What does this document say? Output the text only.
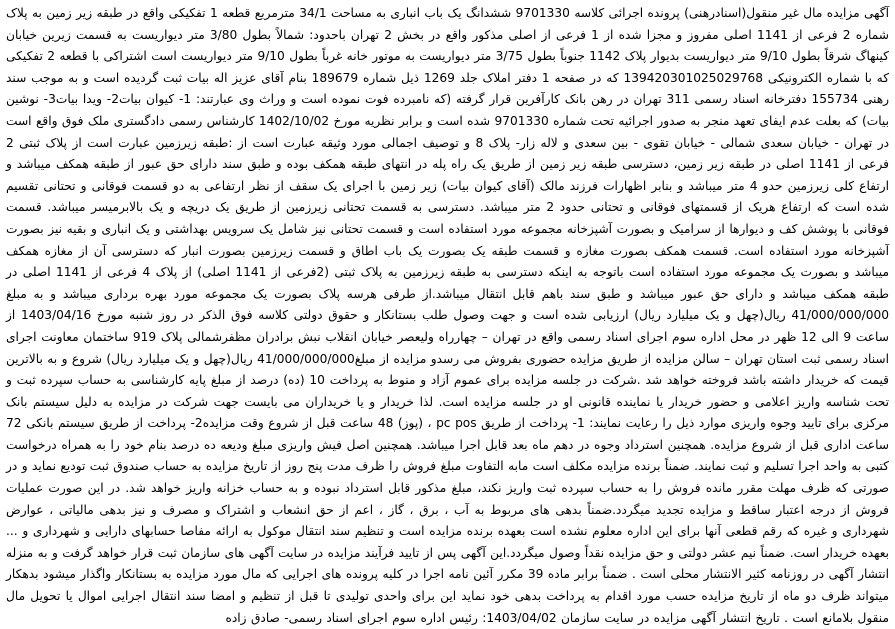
آگهی مزایده مال غیر منقول(اسنادرهنی) پرونده اجرائی کلاسه 9701330 ششدانگ یک باب انباری به مساحت 34/1 مترمربع قطعه 1 تفکیکی واقع در طبقه زیر زمین به پلاک شماره 2 فرعی از 1141 اصلی مفروز و مجزا شده از 1 فرعی از اصلی مذکور واقع در بخش 2 تهران باحدود: شمالاً بطول 3/80 متر دیواریست به قسمت زیرین خیابان کینهاگ شرقاً بطول 9/10 متر دیواریست بدیوار پلاک 1142 جنوباً بطول 3/75 متر دیواریست به موتور خانه غرباً بطول 9/10 متر دیواریست است اشتراکی با قطعه 2 تفکیکی که با شماره الکترونیکی 139420301025029768 که در صفحه 1 دفتر املاک جلد 1269 ذیل شماره 189679 بنام آقای عزیز اله بیات ثبت گردیده است و به موجب سند رهنی 155734 دفترخانه اسناد رسمی 311 تهران در رهن بانک کارآفرین قرار گرفته (که نامبرده فوت نموده است و وراث وی عبارتند: 1- کیوان بیات2- ویدا بیات3- نوشین بیات) که بعلت عدم ایفای تعهد منجر به صدور اجرائیه تحت شماره 9701330 شده است و برابر نظریه مورخ 1402/10/02 کارشناس رسمی دادگستری ملک فوق واقع است در تهران - خیابان سعدی شمالی - خیابان تقوی - بین سعدی و لاله زار- پلاک 8 و توصیف اجمالی مورد وثیقه عبارت است از :طبقه زیرزمین عبارت است از پلاک ثبتی 2 فرعی از 1141 اصلی در طبقه زیر زمین، دسترسی طبقه زیر زمین از طریق یک راه پله در انتهای طبقه همکف بوده و طبق سند دارای حق عبور از طبقه همکف میباشد و ارتفاع کلی زیرزمین حدو 4 متر میباشد و بنابر اظهارات فرزند مالک (آقای کیوان بیات) زیر زمین با اجرای یک سقف از نظر ارتفاعی به دو قسمت فوقانی و تحتانی تقسیم شده است که ارتفاع هریک از قسمتهای فوقانی و تحتانی حدود 2 متر میباشد. دسترسی به قسمت تحتانی زیرزمین از طریق یک دریچه و یک بالابرمیسر میباشد. قسمت فوقانی با پوشش کف و دیوارها از سرامیک و بصورت آشپزخانه مجموعه مورد استفاده است و قسمت تحتانی نیز شامل یک سرویس بهداشتی و یک انباری و بقیه نیز بصورت آشپزخانه مورد استفاده است. قسمت همکف بصورت مغازه و قسمت طبقه یک بصورت یک باب اطاق و قسمت زیرزمین بصورت انبار که دسترسی آن از مغازه همکف میباشد و بصورت یک مجموعه مورد استفاده است باتوجه به اینکه دسترسی به طبقه زیرزمین به پلاک ثبتی (2فرعی از 1141 اصلی) از پلاک 4 فرعی از 1141 اصلی در طبقه همکف میباشد و دارای حق عبور میباشد و طبق سند باهم قابل انتقال میباشد.از طرفی هرسه پلاک بصورت یک مجموعه مورد بهره برداری میباشد و به مبلغ 41/000/000/000 ریال(چهل و یک میلیارد ریال) ارزیابی شده است و جهت وصول طلب بستانکار و حقوق دولتی کلاسه فوق الذکر در روز شنبه مورخ 1403/04/16 از ساعت 9 الی 12 ظهر در محل اداره سوم اجرای اسناد رسمی واقع در تهران – چهارراه ولیعصر خیابان انقلاب نبش برادران مظفرشمالی پلاک 919 ساختمان معاونت اجرای اسناد رسمی ثبت استان تهران – سالن مزایده از طریق مزایده حضوری بفروش می رسدو مزایده از مبلغ41/000/000/000 ریال(چهل و یک میلیارد ریال) شروع و به بالاترین قیمت که خریدار داشته باشد فروخته خواهد شد .شرکت در جلسه مزایده برای عموم آزاد و منوط به پرداخت 10 (ده) درصد از مبلغ پایه کارشناسی به حساب سپرده ثبت و تحت شناسه واریز اعلامی و حضور خریدار یا نماینده قانونی او در جلسه مزایده است. لذا خریدار و یا خریداران می بایست جهت شرکت در مزایده به دلیل سیستم بانک مرکزی برای تایید وجوه واریزی موارد ذیل را رعایت نمایند: 1- پرداخت از طریق pc pos ، (پوز) 48 ساعت قبل از شروع وقت مزایده2- پرداخت از طریق سیستم بانکی 72 ساعت اداری قبل از شروع مزایده. همچنین استرداد وجوه در دهم ماه بعد قابل اجرا میباشد. همچنین اصل فیش واریزی مبلغ ودیعه ده درصد بنام خود را به همراه درخواست کتبی به واحد اجرا تسلیم و ثبت نمایند. ضمناً برنده مزایده مکلف است مابه التفاوت مبلغ فروش را ظرف مدت پنج روز از تاریخ مزایده به حساب صندوق ثبت تودیع نماید و در صورتی که ظرف مهلت مقرر مانده فروش را به حساب سپرده ثبت واریز نکند، مبلغ مذکور قابل استرداد نبوده و به حساب خزانه واریز خواهد شد. در این صورت عملیات فروش از درجه اعتبار ساقط و مزایده تجدید میگردد.ضمناً بدهی های مربوط به آب ، برق ، گاز ، اعم از حق انشعاب و اشتراک و مصرف و نیز بدهی مالیاتی ، عوارض شهرداری و غیره که رقم قطعی آنها برای این اداره معلوم نشده است بعهده برنده مزایده است و تنظیم سند انتقال موکول به ارائه مفاصا حسابهای دارایی و شهرداری و ... بعهده خریدار است. ضمناً نیم عشر دولتی و حق مزایده نقداً وصول میگردد.این آگهی پس از تایید فرآیند مزایده در سایت آگهی های سازمان ثبت قرار خواهد گرفت و به منزله انتشار آگهی در روزنامه کثیر الانتشار محلی است . ضمناً برابر ماده 39 مکرر آئین نامه اجرا در کلیه پرونده های اجرایی که مال مورد مزایده به بستانکار واگذار میشود بدهکار میتواند ظرف دو ماه از تاریخ مزایده حسب مورد اقدام به پرداخت بدهی خود نماید این برای واحدی تولیدی تا قبل از تنظیم و امضا سند انتقال اجرایی اموال یا تحویل مال منقول بلامانع است . تاریخ انتشار آگهی مزایده در سایت سازمان 1403/04/02: رئیس اداره سوم اجرای اسناد رسمی- صادق زاده
